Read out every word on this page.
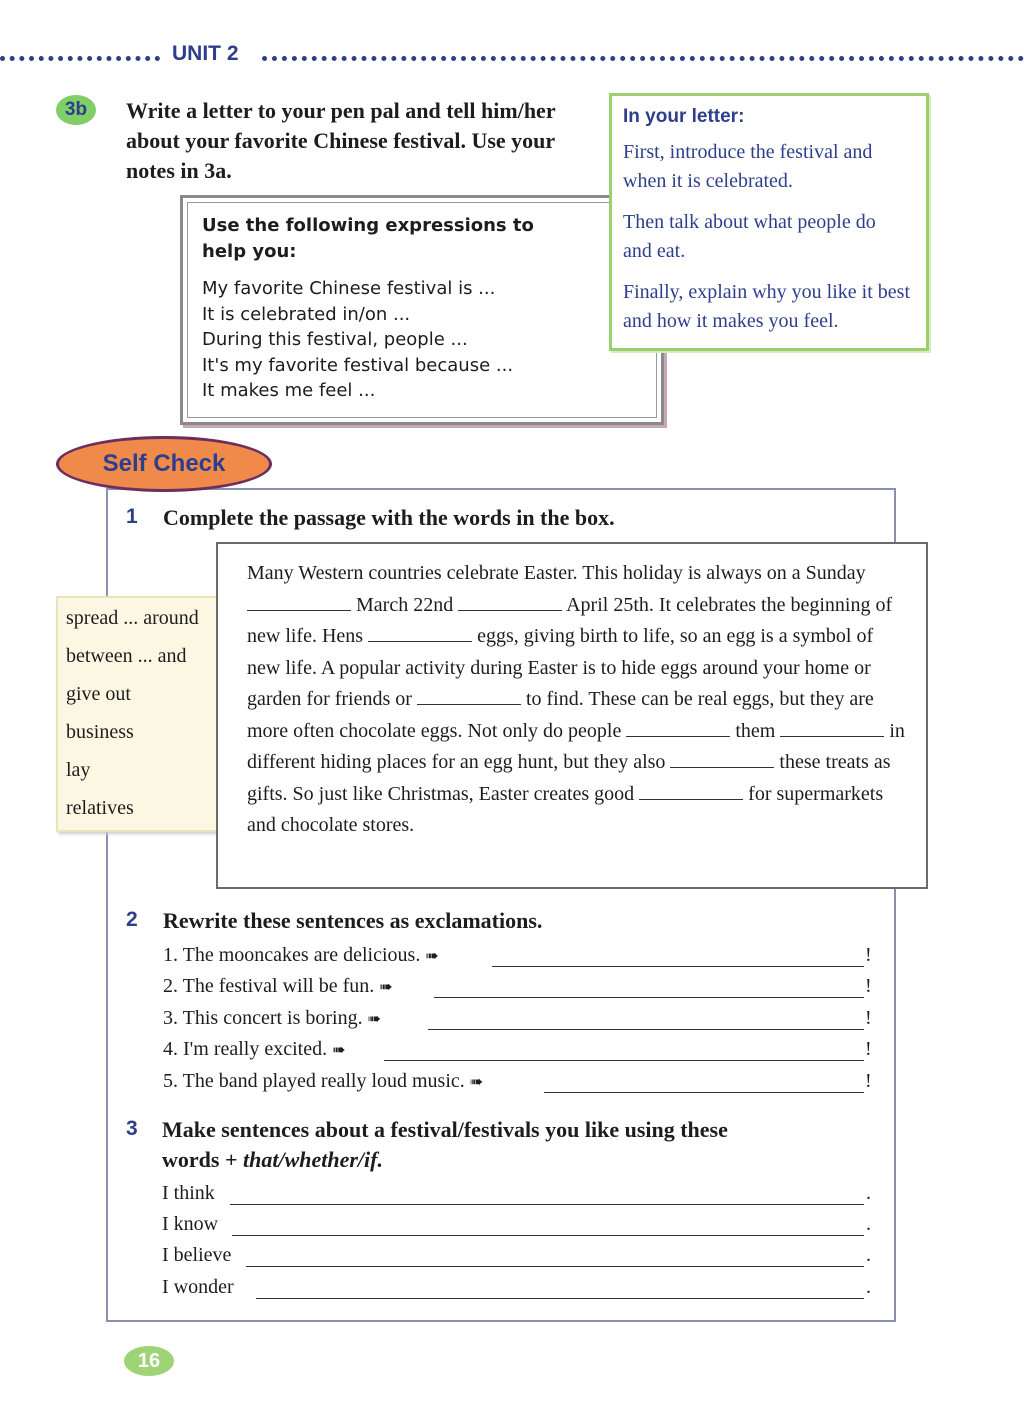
UNIT 2
3b	Write a letter to your pen pal and tell him/her about your favorite Chinese festival. Use your notes in 3a.
Use the following expressions to help you:
My favorite Chinese festival is ...
It is celebrated in/on ...
During this festival, people ...
It's my favorite festival because ...
It makes me feel ...
In your letter:
First, introduce the festival and when it is celebrated.
Then talk about what people do and eat.
Finally, explain why you like it best and how it makes you feel.
Self Check
1 Complete the passage with the words in the box.
spread ... around
between ... and
give out
business
lay
relatives
Many Western countries celebrate Easter. This holiday is always on a Sunday  March 22nd	April 25th. It celebrates the beginning of new life. Hens	eggs, giving birth to life, so an egg is a symbol of new life. A popular activity during Easter is to hide eggs around your home or garden for friends or	to find. These can be real eggs, but they are more often chocolate eggs. Not only do people	them	in different hiding places for an egg hunt, but they also	these treats as gifts. So just like Christmas, Easter creates good	for supermarkets and chocolate stores.
2 Rewrite these sentences as exclamations.
1. The mooncakes are delicious. ➠	!
2. The festival will be fun. ➠	!
3. This concert is boring. ➠	!
4. I'm really excited. ➠	!
5. The band played really loud music. ➠	!
3 Make sentences about a festival/festivals you like using these
words + that/whether/if.
I think	.
I know	.
I believe	.
I wonder	.
16
